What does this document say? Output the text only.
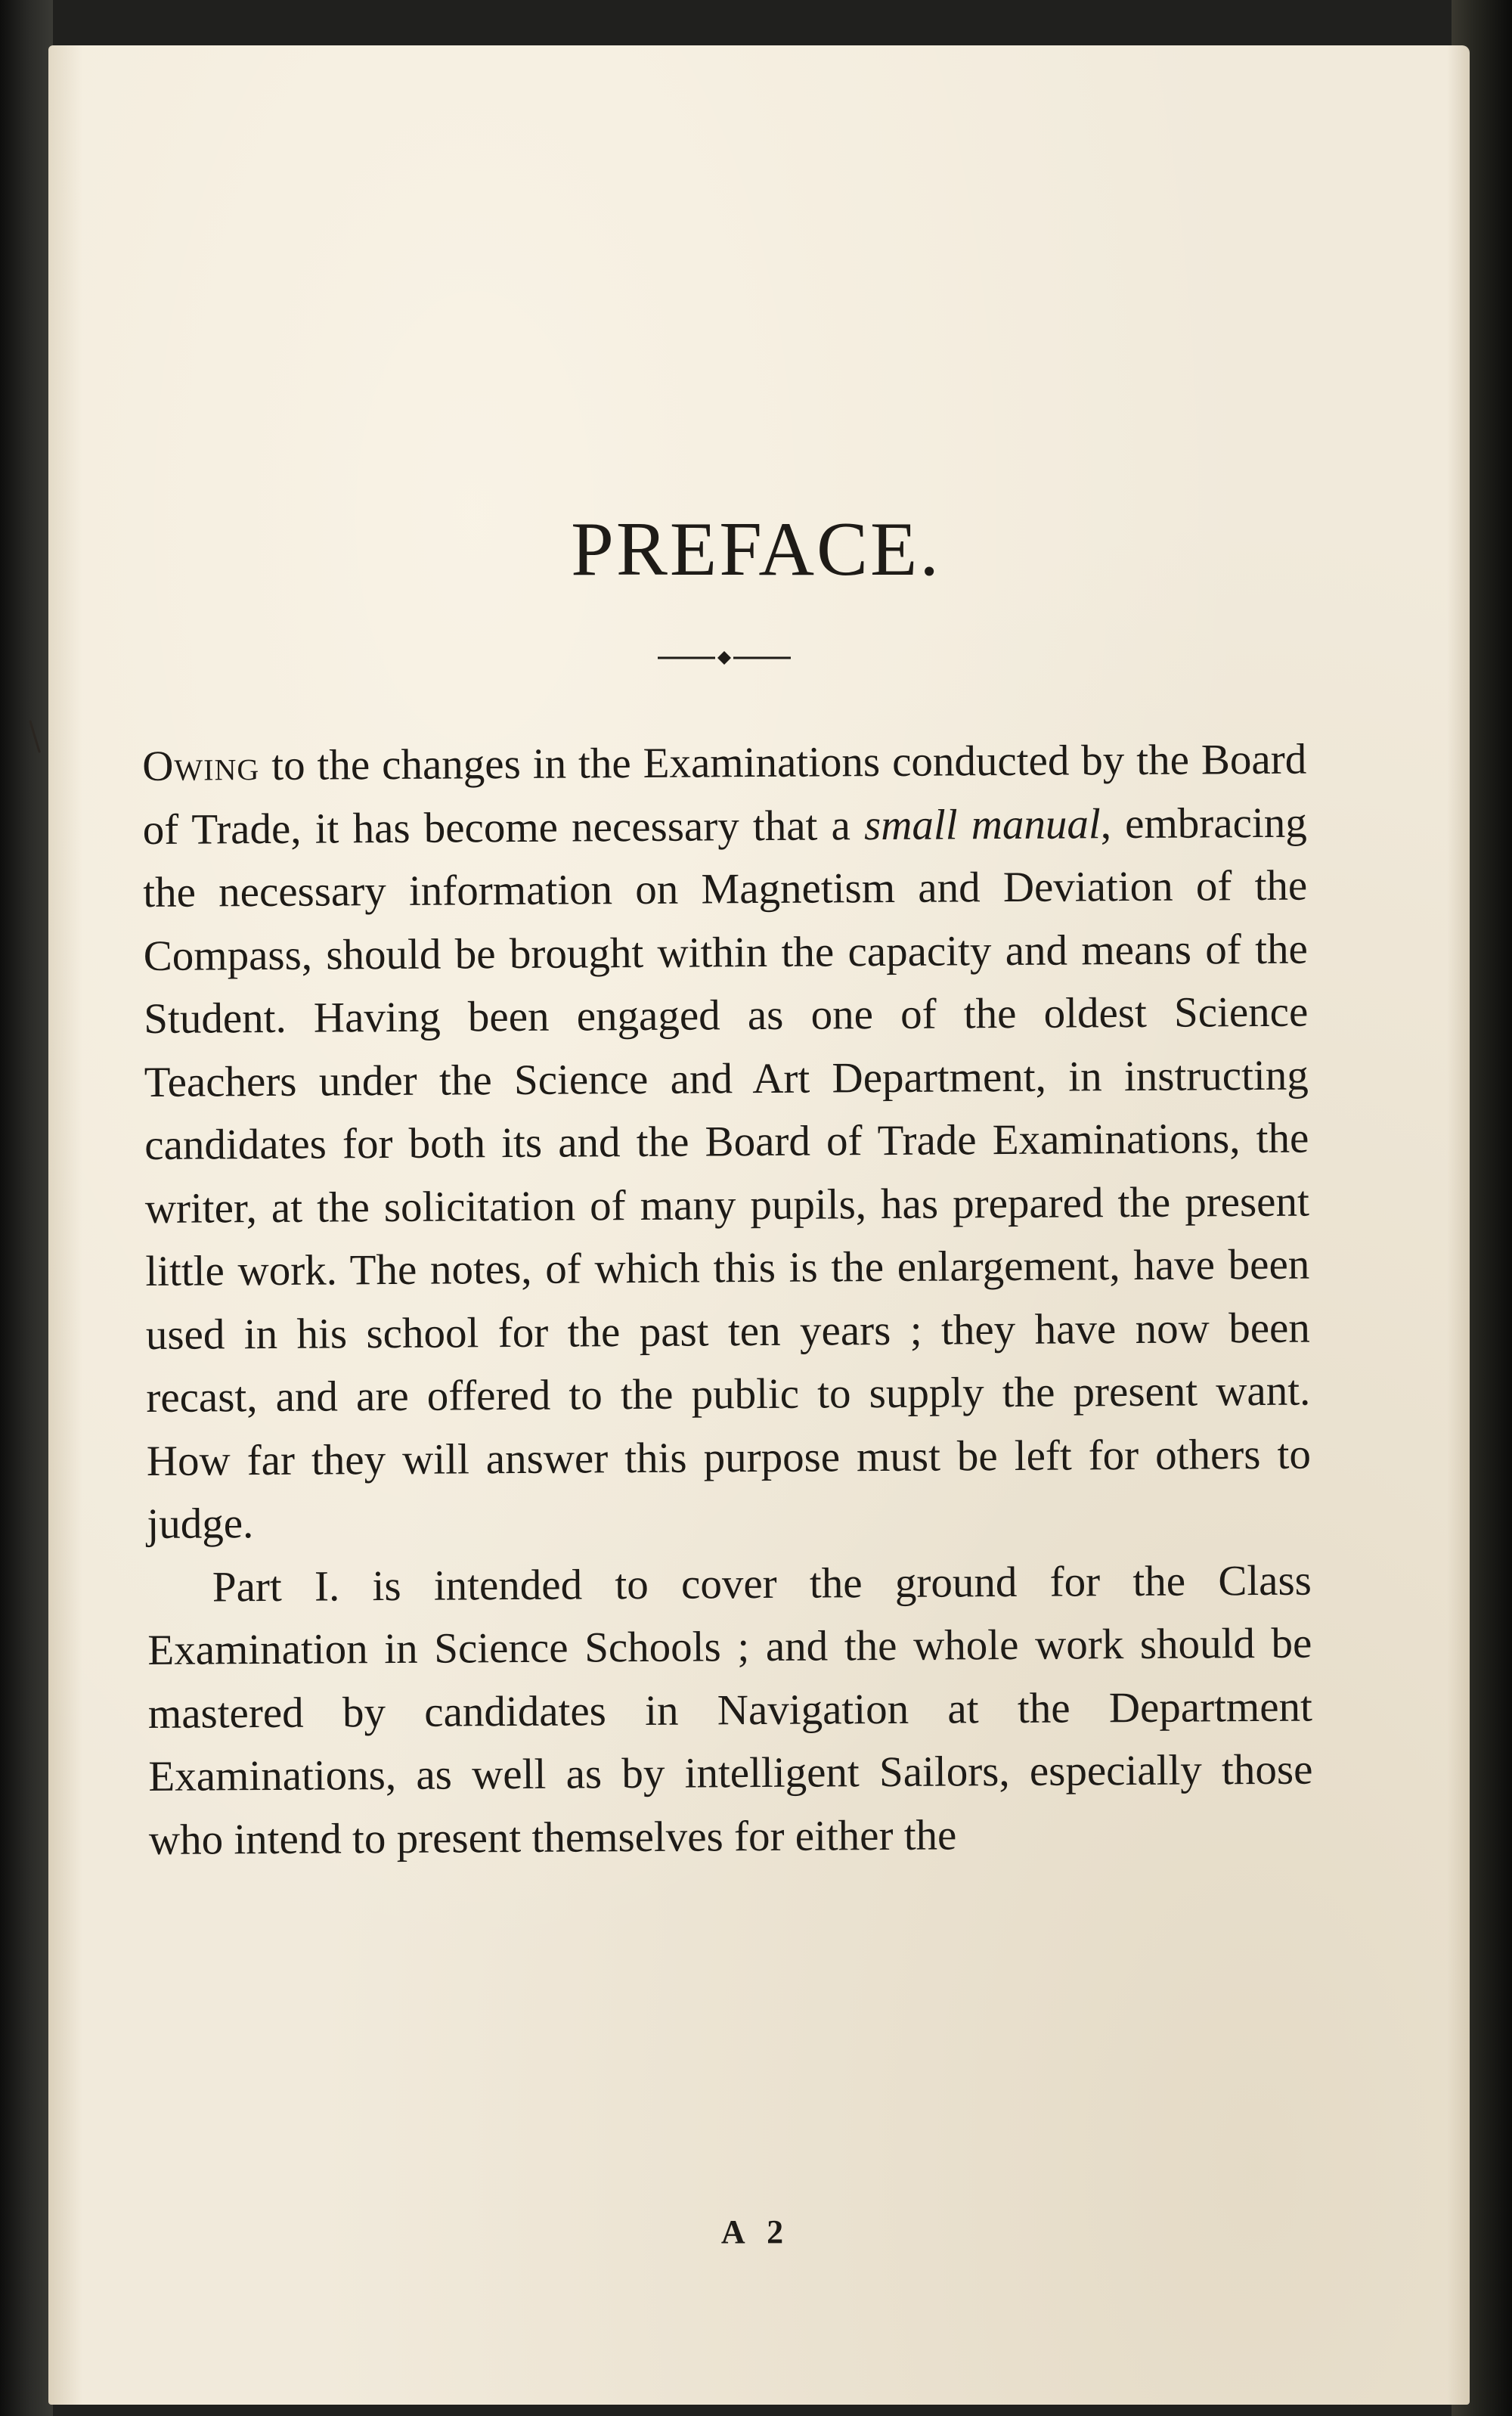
PREFACE.

Owing to the changes in the Examinations conducted by the Board of Trade, it has become necessary that a small manual, embracing the necessary information on Magnetism and Deviation of the Compass, should be brought within the capacity and means of the Student. Having been engaged as one of the oldest Science Teachers under the Science and Art Department, in instructing candidates for both its and the Board of Trade Examinations, the writer, at the solicitation of many pupils, has prepared the present little work. The notes, of which this is the enlargement, have been used in his school for the past ten years ; they have now been recast, and are offered to the public to supply the present want. How far they will answer this purpose must be left for others to judge.

Part I. is intended to cover the ground for the Class Examination in Science Schools ; and the whole work should be mastered by candidates in Navigation at the Department Examinations, as well as by intelligent Sailors, especially those who intend to present themselves for either the

A 2
